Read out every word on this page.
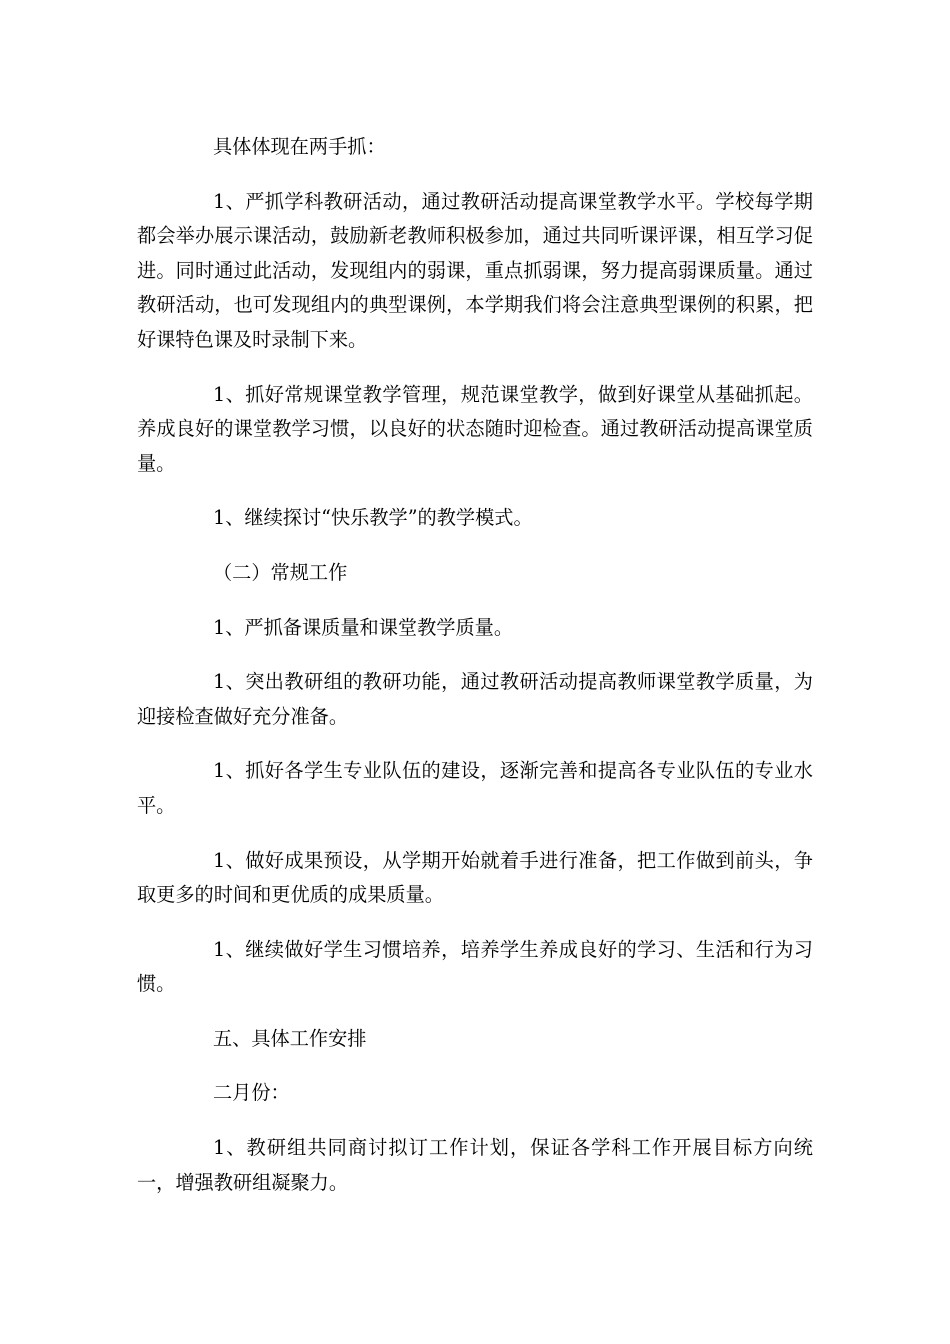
具体体现在两手抓：

1、严抓学科教研活动，通过教研活动提高课堂教学水平。学校每学期都会举办展示课活动，鼓励新老教师积极参加，通过共同听课评课，相互学习促进。同时通过此活动，发现组内的弱课，重点抓弱课，努力提高弱课质量。通过教研活动，也可发现组内的典型课例，本学期我们将会注意典型课例的积累，把好课特色课及时录制下来。

1、抓好常规课堂教学管理，规范课堂教学，做到好课堂从基础抓起。养成良好的课堂教学习惯，以良好的状态随时迎检查。通过教研活动提高课堂质量。

1、继续探讨“快乐教学”的教学模式。

（二）常规工作

1、严抓备课质量和课堂教学质量。

1、突出教研组的教研功能，通过教研活动提高教师课堂教学质量，为迎接检查做好充分准备。

1、抓好各学生专业队伍的建设，逐渐完善和提高各专业队伍的专业水平。

1、做好成果预设，从学期开始就着手进行准备，把工作做到前头，争取更多的时间和更优质的成果质量。

1、继续做好学生习惯培养，培养学生养成良好的学习、生活和行为习惯。

五、具体工作安排

二月份：

1、教研组共同商讨拟订工作计划，保证各学科工作开展目标方向统一，增强教研组凝聚力。
